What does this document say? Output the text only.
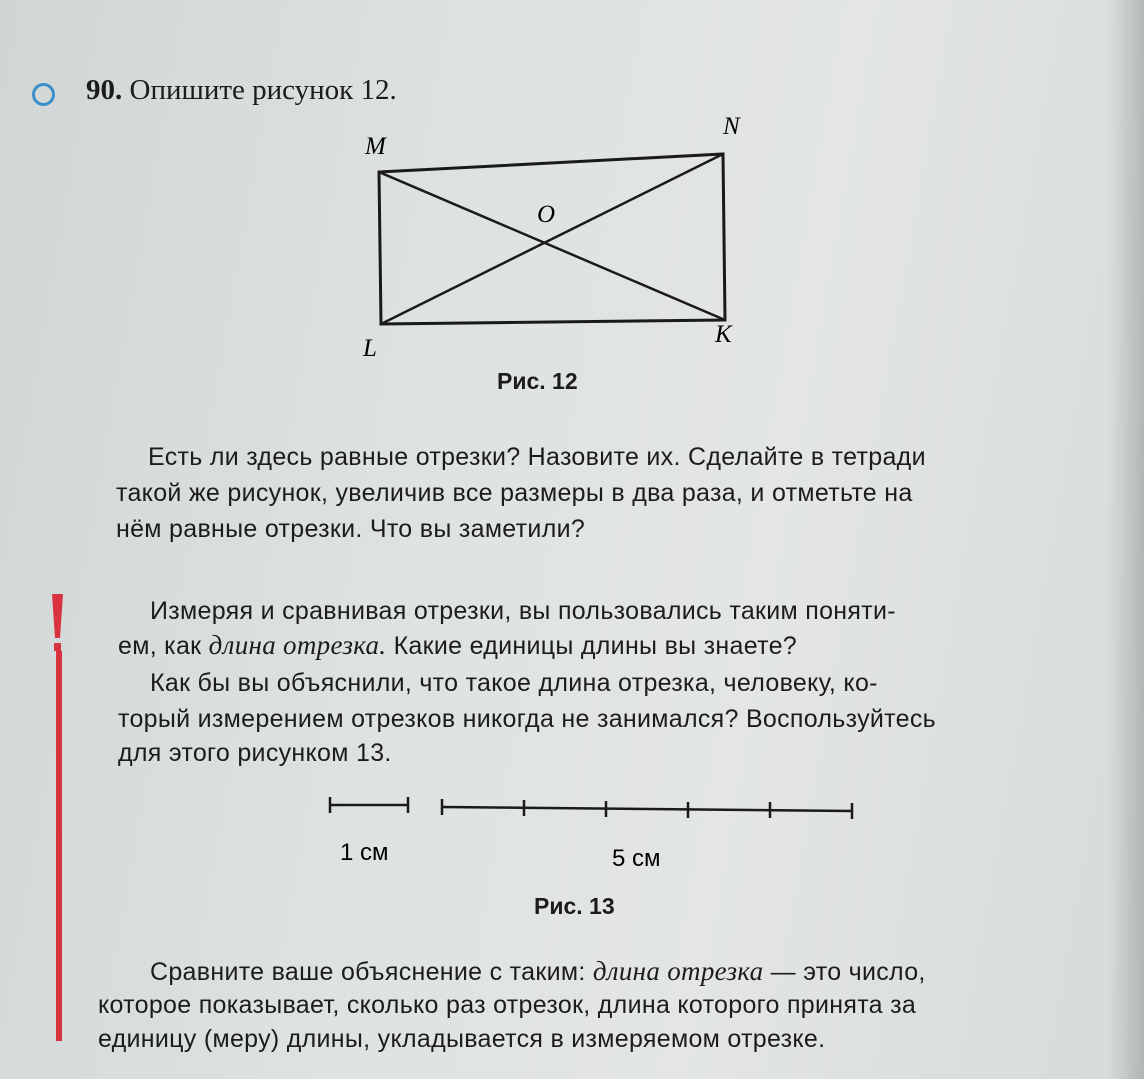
90. Опишите рисунок 12.
M
N
O
L
K
Рис. 12
Есть ли здесь равные отрезки? Назовите их. Сделайте в тетради
такой же рисунок, увеличив все размеры в два раза, и отметьте на
нём равные отрезки. Что вы заметили?
Измеряя и сравнивая отрезки, вы пользовались таким поняти-
ем, как длина отрезка. Какие единицы длины вы знаете?
Как бы вы объяснили, что такое длина отрезка, человеку, ко-
торый измерением отрезков никогда не занимался? Воспользуйтесь
для этого рисунком 13.
1 см	5 см
Рис. 13
Сравните ваше объяснение с таким: длина отрезка — это число,
которое показывает, сколько раз отрезок, длина которого принята за
единицу (меру) длины, укладывается в измеряемом отрезке.
